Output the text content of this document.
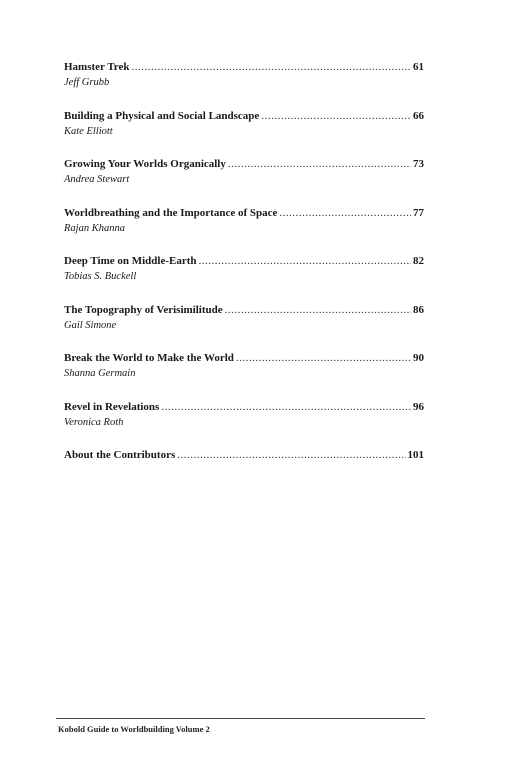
Hamster Trek .....	61
Jeff Grubb
Building a Physical and Social Landscape .....	66
Kate Elliott
Growing Your Worlds Organically .....	73
Andrea Stewart
Worldbreathing and the Importance of Space .....	77
Rajan Khanna
Deep Time on Middle-Earth .....	82
Tobias S. Buckell
The Topography of Verisimilitude .....	86
Gail Simone
Break the World to Make the World .....	90
Shanna Germain
Revel in Revelations .....	96
Veronica Roth
About the Contributors .....	101
Kobold Guide to Worldbuilding Volume 2
